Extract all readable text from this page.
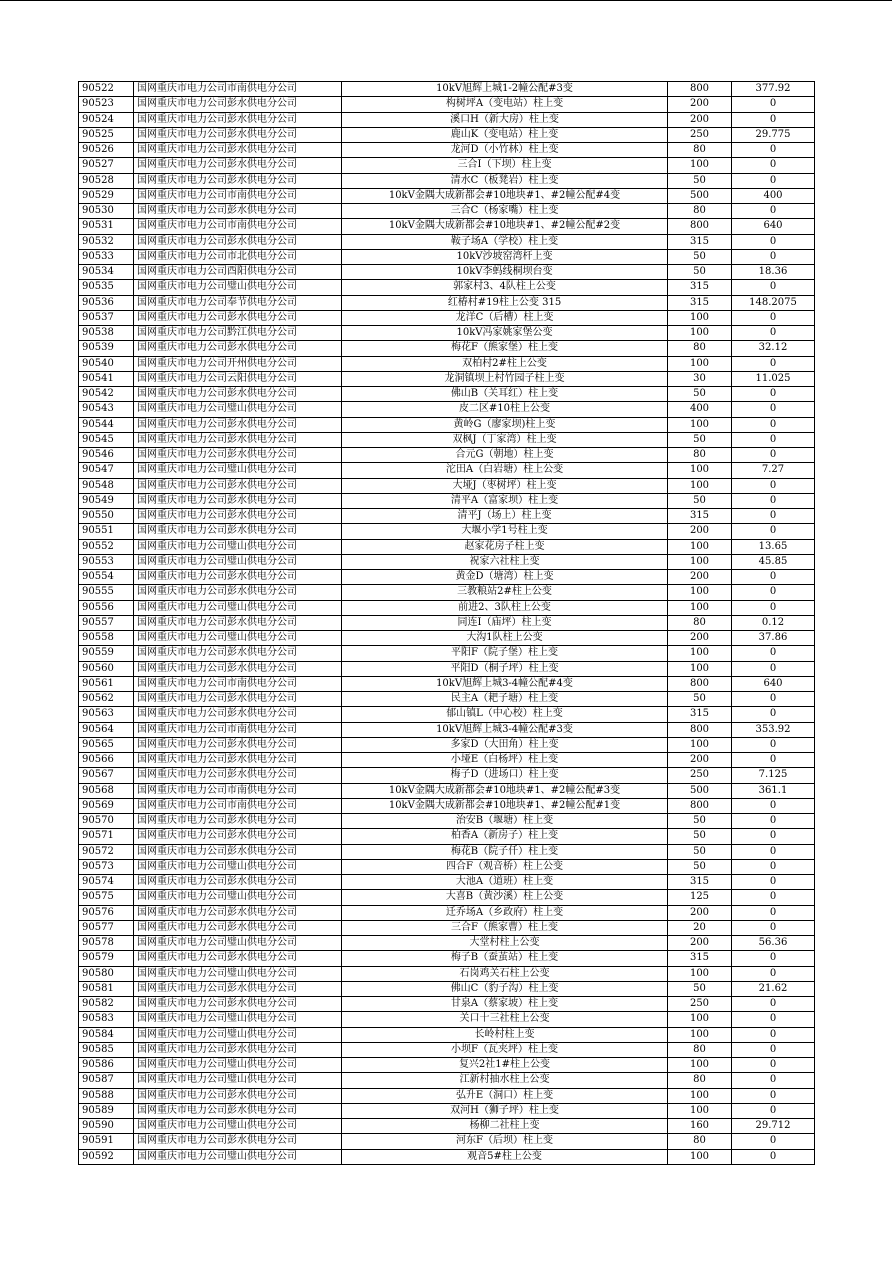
90522	国网重庆市电力公司市南供电分公司	10kV旭辉上城1-2幢公配#3变	800	377.92
90523	国网重庆市电力公司彭水供电分公司	构树坪A（变电站）柱上变	200	0
90524	国网重庆市电力公司彭水供电分公司	溪口H（新大房）柱上变	200	0
90525	国网重庆市电力公司彭水供电分公司	鹿山K（变电站）柱上变	250	29.775
90526	国网重庆市电力公司彭水供电分公司	龙河D（小竹林）柱上变	80	0
90527	国网重庆市电力公司彭水供电分公司	三合I（下坝）柱上变	100	0
90528	国网重庆市电力公司彭水供电分公司	清水C（板凳岩）柱上变	50	0
90529	国网重庆市电力公司市南供电分公司	10kV金隅大成新都会#10地块#1、#2幢公配#4变	500	400
90530	国网重庆市电力公司彭水供电分公司	三合C（杨家嘴）柱上变	80	0
90531	国网重庆市电力公司市南供电分公司	10kV金隅大成新都会#10地块#1、#2幢公配#2变	800	640
90532	国网重庆市电力公司彭水供电分公司	鞍子场A（学校）柱上变	315	0
90533	国网重庆市电力公司市北供电分公司	10kV沙坡窑湾杆上变	50	0
90534	国网重庆市电力公司酉阳供电分公司	10kV李蚂线桐坝台变	50	18.36
90535	国网重庆市电力公司璧山供电分公司	郭家村3、4队柱上公变	315	0
90536	国网重庆市电力公司奉节供电分公司	红椿村#19柱上公变 315	315	148.2075
90537	国网重庆市电力公司彭水供电分公司	龙洋C（后槽）柱上变	100	0
90538	国网重庆市电力公司黔江供电分公司	10kV冯家姚家堡公变	100	0
90539	国网重庆市电力公司彭水供电分公司	梅花F（熊家堡）柱上变	80	32.12
90540	国网重庆市电力公司开州供电分公司	双柏村2#柱上公变	100	0
90541	国网重庆市电力公司云阳供电分公司	龙洞镇坝上村竹园子柱上变	30	11.025
90542	国网重庆市电力公司彭水供电分公司	佛山B（关耳红）柱上变	50	0
90543	国网重庆市电力公司璧山供电分公司	皮二区#10柱上公变	400	0
90544	国网重庆市电力公司彭水供电分公司	黄岭G（廖家坝)柱上变	100	0
90545	国网重庆市电力公司彭水供电分公司	双枫J（丁家湾）柱上变	50	0
90546	国网重庆市电力公司彭水供电分公司	合元G（朝地）柱上变	80	0
90547	国网重庆市电力公司璧山供电分公司	沱田A（白岩塘）柱上公变	100	7.27
90548	国网重庆市电力公司彭水供电分公司	大垭J（枣树坪）柱上变	100	0
90549	国网重庆市电力公司彭水供电分公司	清平A（富家坝）柱上变	50	0
90550	国网重庆市电力公司彭水供电分公司	清平J（场上）柱上变	315	0
90551	国网重庆市电力公司彭水供电分公司	大堰小学1号柱上变	200	0
90552	国网重庆市电力公司璧山供电分公司	赵家花房子柱上变	100	13.65
90553	国网重庆市电力公司璧山供电分公司	祝家六社柱上变	100	45.85
90554	国网重庆市电力公司彭水供电分公司	黄金D（塘湾）柱上变	200	0
90555	国网重庆市电力公司彭水供电分公司	三教粮站2#柱上公变	100	0
90556	国网重庆市电力公司璧山供电分公司	前进2、3队柱上公变	100	0
90557	国网重庆市电力公司彭水供电分公司	同连I（庙坪）柱上变	80	0.12
90558	国网重庆市电力公司璧山供电分公司	大沟1队柱上公变	200	37.86
90559	国网重庆市电力公司彭水供电分公司	平阳F（院子堡）柱上变	100	0
90560	国网重庆市电力公司彭水供电分公司	平阳D（桐子坪）柱上变	100	0
90561	国网重庆市电力公司市南供电分公司	10kV旭辉上城3-4幢公配#4变	800	640
90562	国网重庆市电力公司彭水供电分公司	民主A（耙子塘）柱上变	50	0
90563	国网重庆市电力公司彭水供电分公司	郁山镇L（中心校）柱上变	315	0
90564	国网重庆市电力公司市南供电分公司	10kV旭辉上城3-4幢公配#3变	800	353.92
90565	国网重庆市电力公司彭水供电分公司	多家D（大田角）柱上变	100	0
90566	国网重庆市电力公司彭水供电分公司	小垭E（白杨坪）柱上变	200	0
90567	国网重庆市电力公司彭水供电分公司	梅子D（进场口）柱上变	250	7.125
90568	国网重庆市电力公司市南供电分公司	10kV金隅大成新都会#10地块#1、#2幢公配#3变	500	361.1
90569	国网重庆市电力公司市南供电分公司	10kV金隅大成新都会#10地块#1、#2幢公配#1变	800	0
90570	国网重庆市电力公司彭水供电分公司	治安B（堰塘）柱上变	50	0
90571	国网重庆市电力公司彭水供电分公司	柏香A（新房子）柱上变	50	0
90572	国网重庆市电力公司彭水供电分公司	梅花B（院子仟）柱上变	50	0
90573	国网重庆市电力公司璧山供电分公司	四合F（观音桥）柱上公变	50	0
90574	国网重庆市电力公司彭水供电分公司	大池A（道班）柱上变	315	0
90575	国网重庆市电力公司璧山供电分公司	大喜B（黄沙溪）柱上公变	125	0
90576	国网重庆市电力公司彭水供电分公司	迁乔场A（乡政府）柱上变	200	0
90577	国网重庆市电力公司彭水供电分公司	三合F（熊家曹）柱上变	20	0
90578	国网重庆市电力公司璧山供电分公司	大堂村柱上公变	200	56.36
90579	国网重庆市电力公司彭水供电分公司	梅子B（蚕茧站）柱上变	315	0
90580	国网重庆市电力公司璧山供电分公司	石岗鸡关石柱上公变	100	0
90581	国网重庆市电力公司彭水供电分公司	佛山C（豹子沟）柱上变	50	21.62
90582	国网重庆市电力公司彭水供电分公司	甘泉A（蔡家坡）柱上变	250	0
90583	国网重庆市电力公司璧山供电分公司	关口十三社柱上公变	100	0
90584	国网重庆市电力公司璧山供电分公司	长岭村柱上变	100	0
90585	国网重庆市电力公司彭水供电分公司	小坝F（瓦夹坪）柱上变	80	0
90586	国网重庆市电力公司璧山供电分公司	复兴2社1#柱上公变	100	0
90587	国网重庆市电力公司璧山供电分公司	江新村抽水柱上公变	80	0
90588	国网重庆市电力公司彭水供电分公司	弘升E（洞口）柱上变	100	0
90589	国网重庆市电力公司彭水供电分公司	双河H（狮子坪）柱上变	100	0
90590	国网重庆市电力公司璧山供电分公司	杨柳二社柱上变	160	29.712
90591	国网重庆市电力公司彭水供电分公司	河东F（后坝）柱上变	80	0
90592	国网重庆市电力公司璧山供电分公司	观音5#柱上公变	100	0
